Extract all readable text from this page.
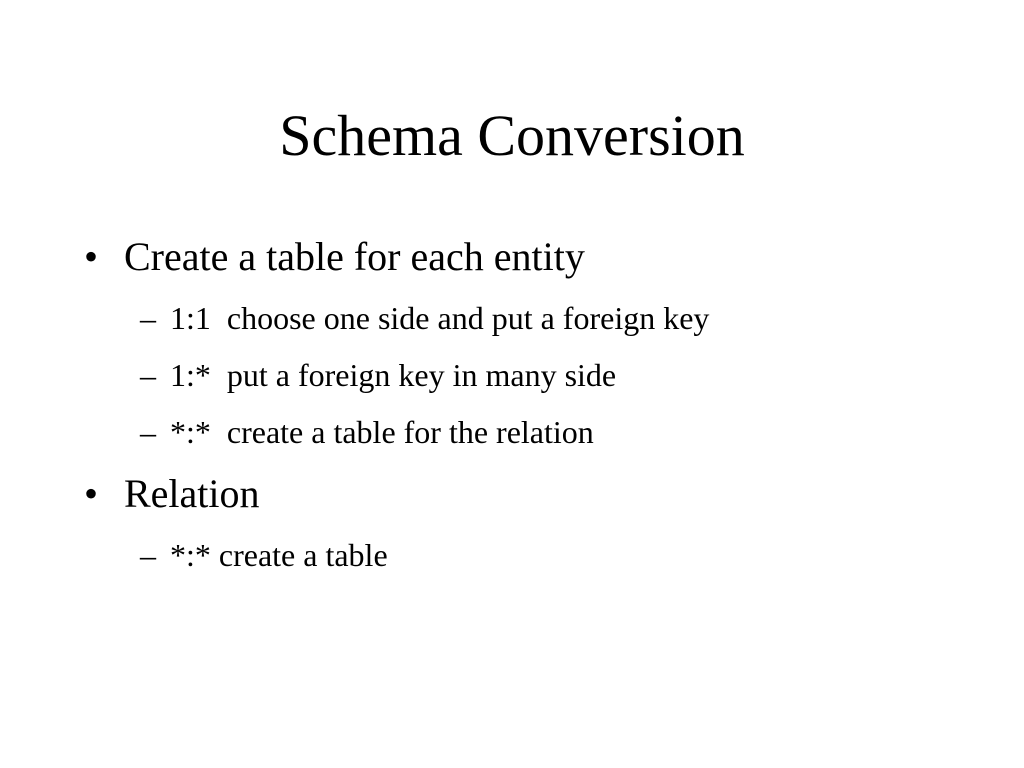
Schema Conversion
• Create a table for each entity
– 1:1  choose one side and put a foreign key
– 1:*  put a foreign key in many side
– *:*  create a table for the relation
• Relation
– *:* create a table
